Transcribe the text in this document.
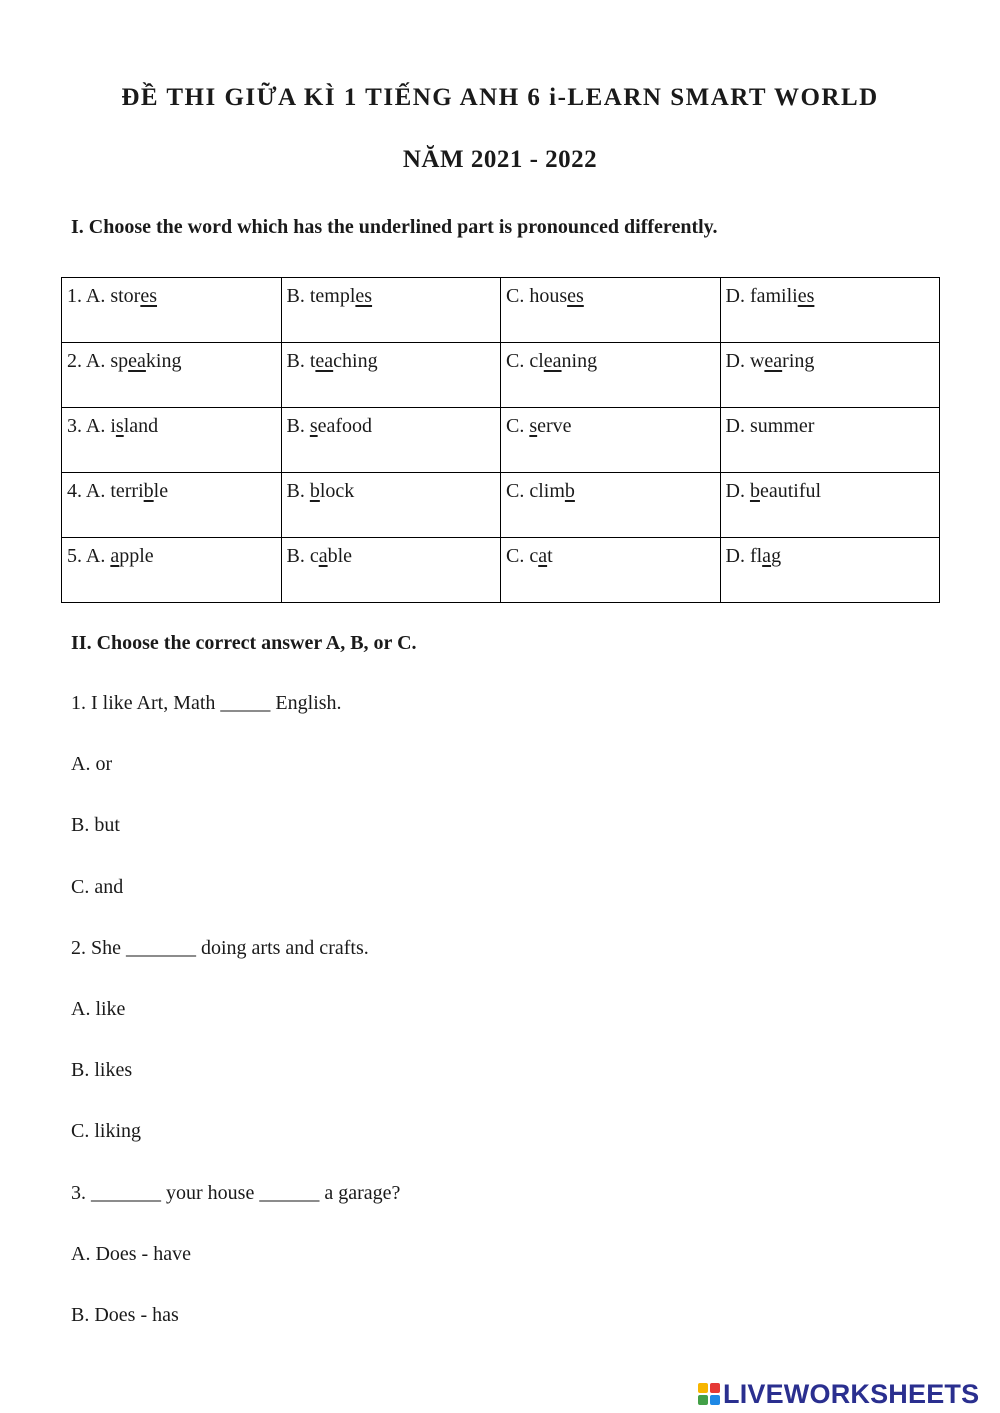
ĐỀ THI GIỮA KÌ 1 TIẾNG ANH 6 i-LEARN SMART WORLD
NĂM 2021 - 2022

I. Choose the word which has the underlined part is pronounced differently.

1. A. stores	B. temples	C. houses	D. families
2. A. speaking	B. teaching	C. cleaning	D. wearing
3. A. island	B. seafood	C. serve	D. summer
4. A. terrible	B. block	C. climb	D. beautiful
5. A. apple	B. cable	C. cat	D. flag

II. Choose the correct answer A, B, or C.

1. I like Art, Math _____ English.

A. or

B. but

C. and

2. She _______ doing arts and crafts.

A. like

B. likes

C. liking

3. _______ your house ______ a garage?

A. Does - have

B. Does - has

LIVEWORKSHEETS
